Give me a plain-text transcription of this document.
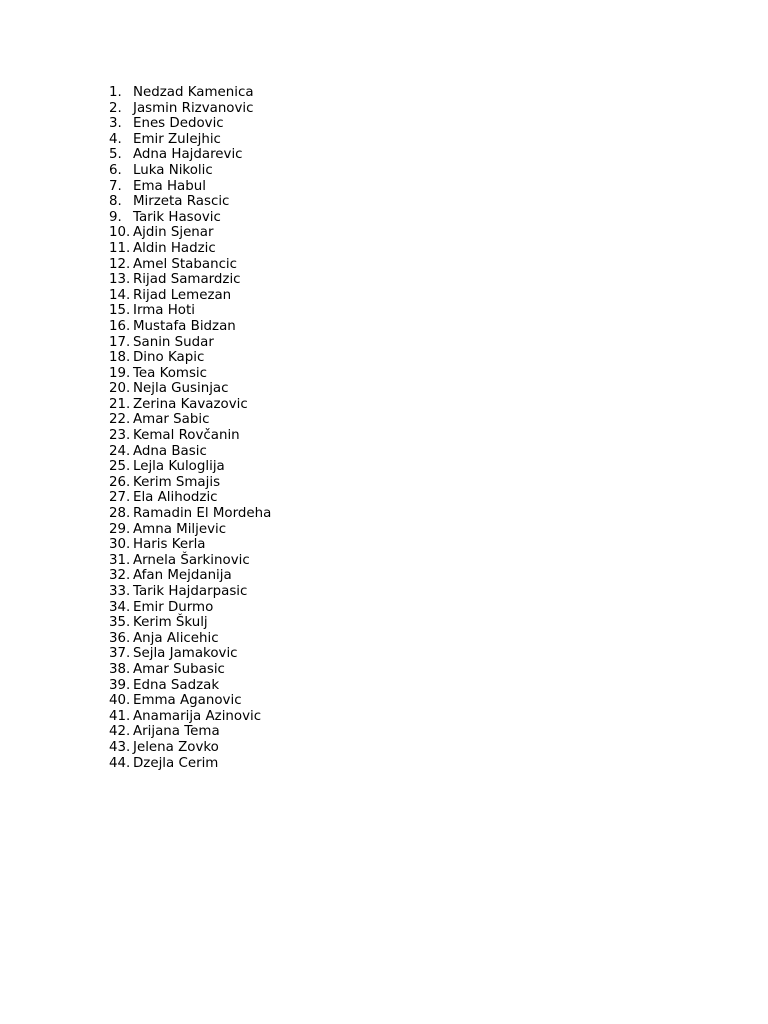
1. Nedzad Kamenica
2. Jasmin Rizvanovic
3. Enes Dedovic
4. Emir Zulejhic
5. Adna Hajdarevic
6. Luka Nikolic
7. Ema Habul
8. Mirzeta Rascic
9. Tarik Hasovic
10. Ajdin Sjenar
11. Aldin Hadzic
12. Amel Stabancic
13. Rijad Samardzic
14. Rijad Lemezan
15. Irma Hoti
16. Mustafa Bidzan
17. Sanin Sudar
18. Dino Kapic
19. Tea Komsic
20. Nejla Gusinjac
21. Zerina Kavazovic
22. Amar Sabic
23. Kemal Rovčanin
24. Adna Basic
25. Lejla Kuloglija
26. Kerim Smajis
27. Ela Alihodzic
28. Ramadin El Mordeha
29. Amna Miljevic
30. Haris Kerla
31. Arnela Šarkinovic
32. Afan Mejdanija
33. Tarik Hajdarpasic
34. Emir Durmo
35. Kerim Škulj
36. Anja Alicehic
37. Sejla Jamakovic
38. Amar Subasic
39. Edna Sadzak
40. Emma Aganovic
41. Anamarija Azinovic
42. Arijana Tema
43. Jelena Zovko
44. Dzejla Cerim
